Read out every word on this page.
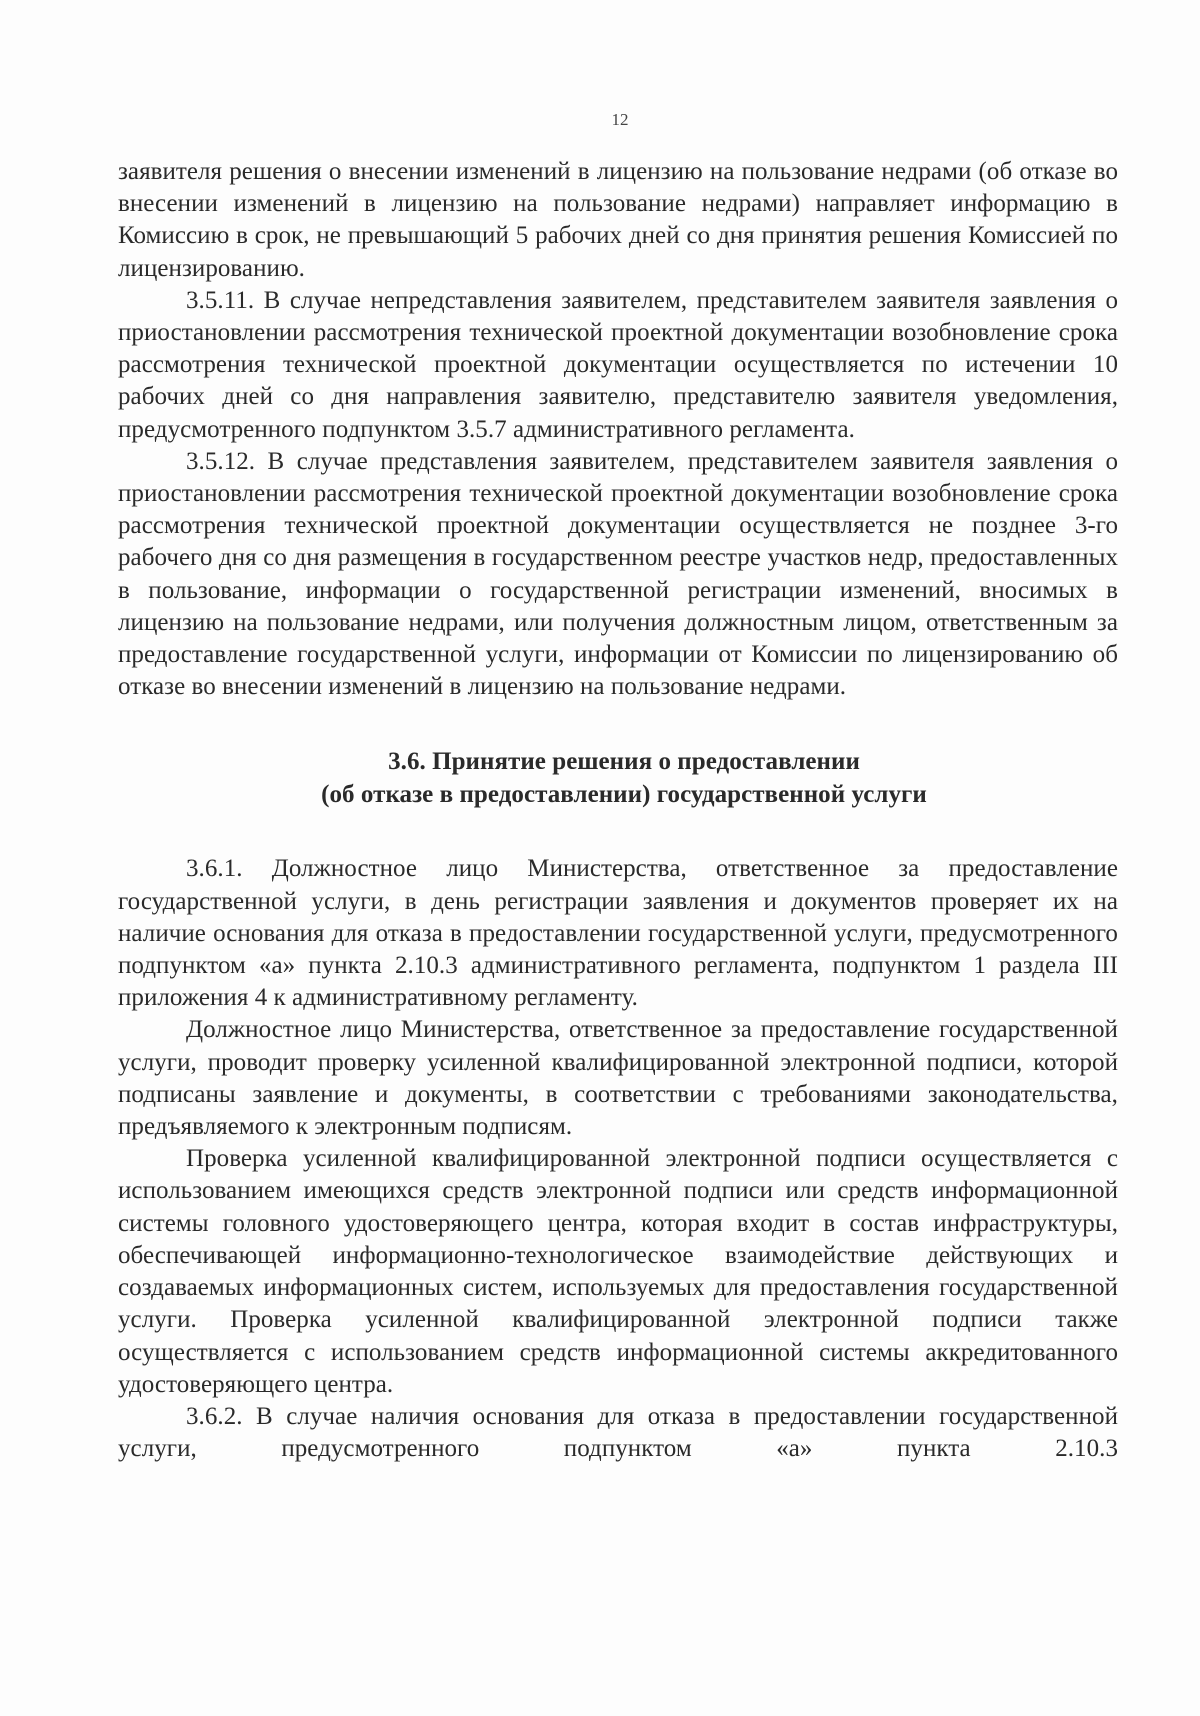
12

заявителя решения о внесении изменений в лицензию на пользование недрами (об отказе во внесении изменений в лицензию на пользование недрами) направляет информацию в Комиссию в срок, не превышающий 5 рабочих дней со дня принятия решения Комиссией по лицензированию.

3.5.11. В случае непредставления заявителем, представителем заявителя заявления о приостановлении рассмотрения технической проектной документации возобновление срока рассмотрения технической проектной документации осуществляется по истечении 10 рабочих дней со дня направления заявителю, представителю заявителя уведомления, предусмотренного подпунктом 3.5.7 административного регламента.

3.5.12. В случае представления заявителем, представителем заявителя заявления о приостановлении рассмотрения технической проектной документации возобновление срока рассмотрения технической проектной документации осуществляется не позднее 3-го рабочего дня со дня размещения в государственном реестре участков недр, предоставленных в пользование, информации о государственной регистрации изменений, вносимых в лицензию на пользование недрами, или получения должностным лицом, ответственным за предоставление государственной услуги, информации от Комиссии по лицензированию об отказе во внесении изменений в лицензию на пользование недрами.

3.6. Принятие решения о предоставлении
(об отказе в предоставлении) государственной услуги

3.6.1. Должностное лицо Министерства, ответственное за предоставление государственной услуги, в день регистрации заявления и документов проверяет их на наличие основания для отказа в предоставлении государственной услуги, предусмотренного подпунктом «а» пункта 2.10.3 административного регламента, подпунктом 1 раздела III приложения 4 к административному регламенту.

Должностное лицо Министерства, ответственное за предоставление государственной услуги, проводит проверку усиленной квалифицированной электронной подписи, которой подписаны заявление и документы, в соответствии с требованиями законодательства, предъявляемого к электронным подписям.

Проверка усиленной квалифицированной электронной подписи осуществляется с использованием имеющихся средств электронной подписи или средств информационной системы головного удостоверяющего центра, которая входит в состав инфраструктуры, обеспечивающей информационно-технологическое взаимодействие действующих и создаваемых информационных систем, используемых для предоставления государственной услуги. Проверка усиленной квалифицированной электронной подписи также осуществляется с использованием средств информационной системы аккредитованного удостоверяющего центра.

3.6.2. В случае наличия основания для отказа в предоставлении государственной услуги, предусмотренного подпунктом «а» пункта 2.10.3
